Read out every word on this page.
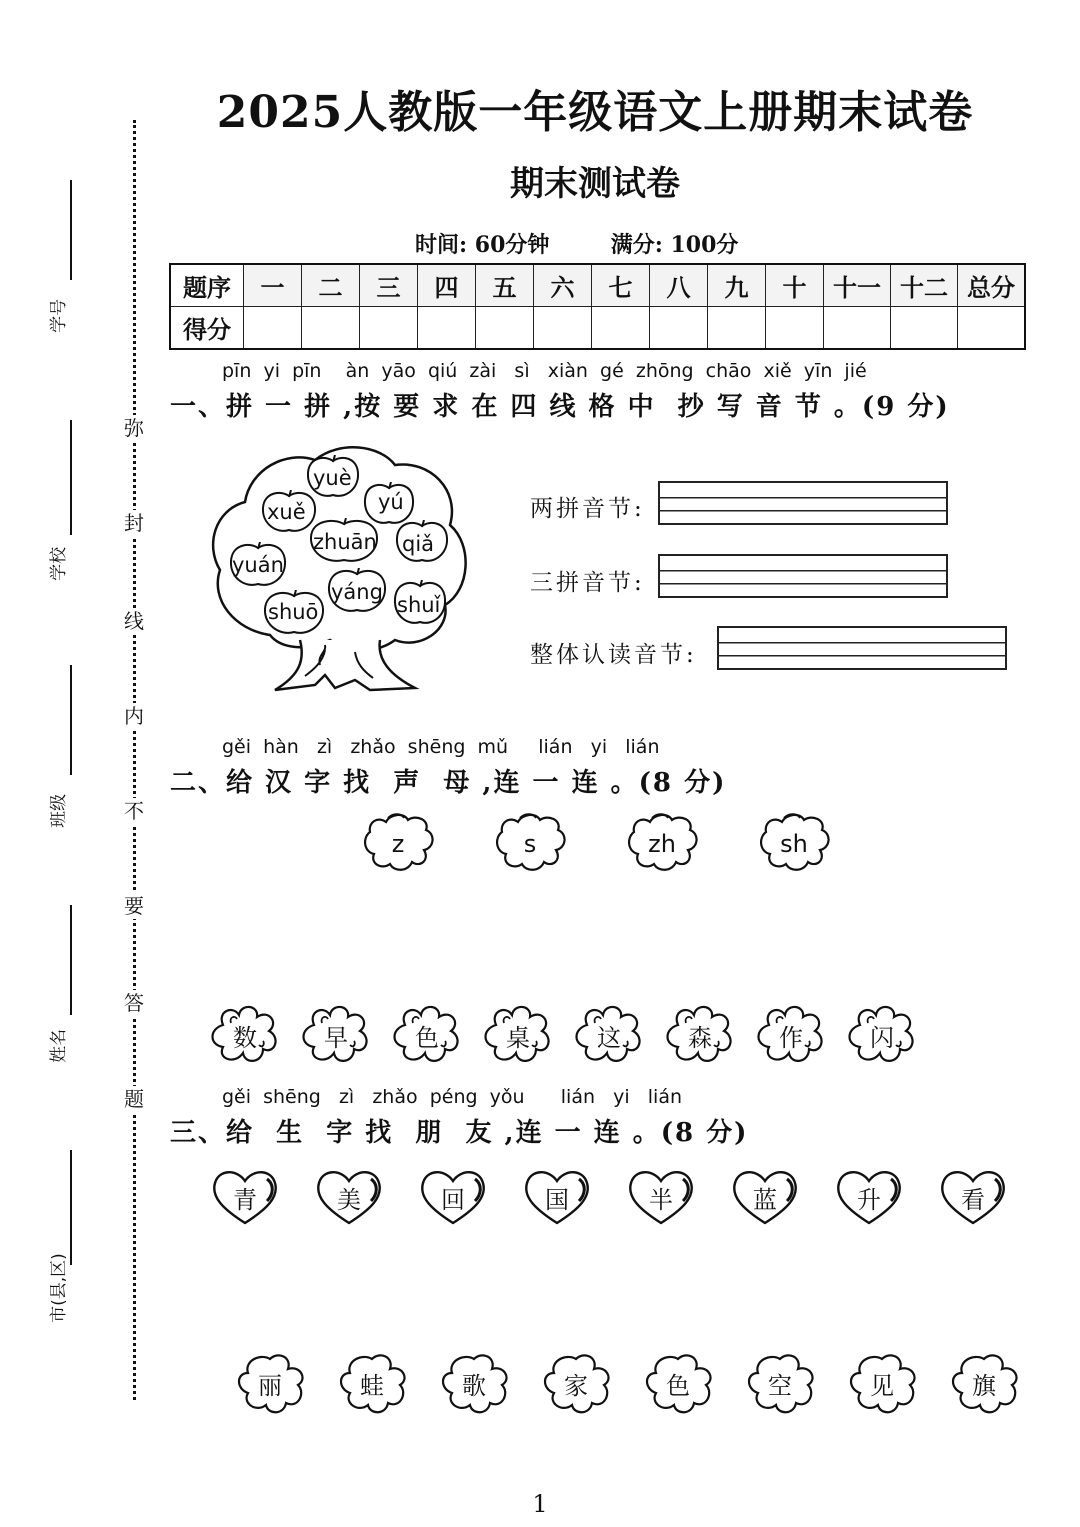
学号
学校
班级
姓名
市(县,区)
弥
封
线
内
不
要
答
题
2025人教版一年级语文上册期末试卷
期末测试卷
时间: 60分钟	满分: 100分
题序	一	二	三	四	五	六	七	八	九	十	十一	十二	总分
得分													
pīn  yi  pīn    àn  yāo  qiú  zài   sì   xiàn  gé  zhōng  chāo  xiě  yīn  jié
一、拼 一 拼 ,按 要 求 在 四 线 格 中  抄 写 音 节 。(9 分)
yuè
xuě	yú
zhuān qiǎ
yuán
yáng
shuō	shuǐ
两拼音节:
三拼音节:
整体认读音节:
gěi  hàn   zì   zhǎo  shēng  mǔ     lián   yi   lián
二、给 汉 字 找  声  母 ,连 一 连 。(8 分)
z	s	zh	sh
数	早	色	桌	这	森	作	闪
gěi  shēng   zì   zhǎo  péng  yǒu      lián   yi   lián
三、给  生  字 找  朋  友 ,连 一 连 。(8 分)
青	美	回	国	半	蓝	升	看
丽	蛙	歌	家	色	空	见	旗
1
